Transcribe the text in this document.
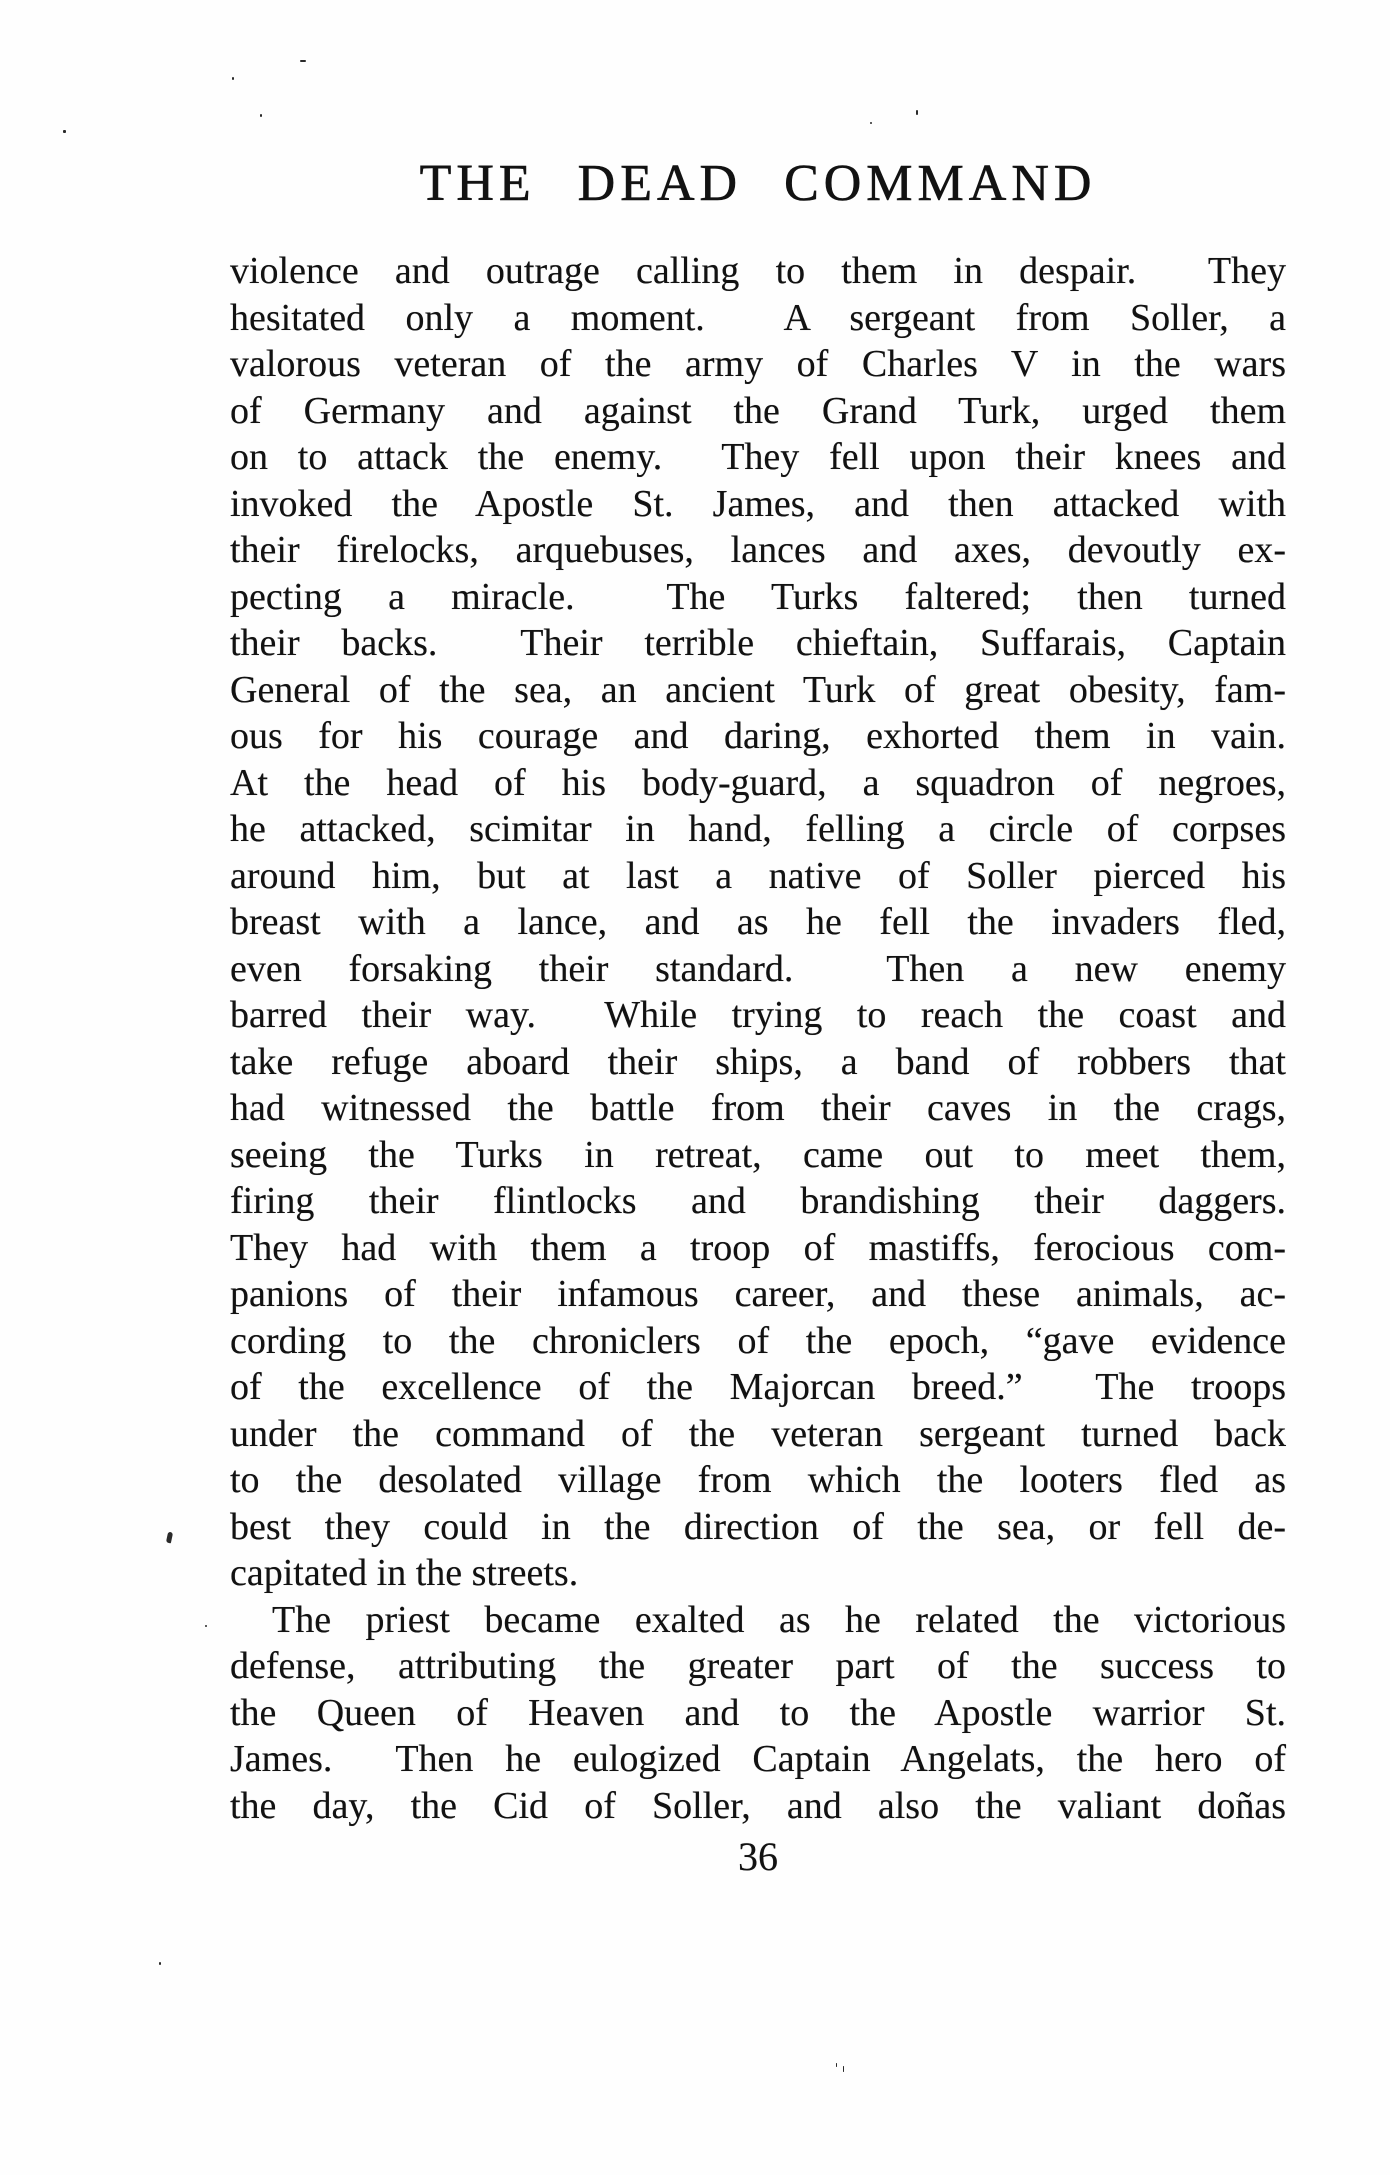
THE DEAD COMMAND
violence and outrage calling to them in despair.  They
hesitated only a moment.  A sergeant from Soller, a
valorous veteran of the army of Charles V in the wars
of Germany and against the Grand Turk, urged them
on to attack the enemy.  They fell upon their knees and
invoked the Apostle St. James, and then attacked with
their firelocks, arquebuses, lances and axes, devoutly ex-
pecting a miracle.  The Turks faltered; then turned
their backs.  Their terrible chieftain, Suffarais, Captain
General of the sea, an ancient Turk of great obesity, fam-
ous for his courage and daring, exhorted them in vain.
At the head of his body-guard, a squadron of negroes,
he attacked, scimitar in hand, felling a circle of corpses
around him, but at last a native of Soller pierced his
breast with a lance, and as he fell the invaders fled,
even forsaking their standard.  Then a new enemy
barred their way.  While trying to reach the coast and
take refuge aboard their ships, a band of robbers that
had witnessed the battle from their caves in the crags,
seeing the Turks in retreat, came out to meet them,
firing their flintlocks and brandishing their daggers.
They had with them a troop of mastiffs, ferocious com-
panions of their infamous career, and these animals, ac-
cording to the chroniclers of the epoch, “gave evidence
of the excellence of the Majorcan breed.”  The troops
under the command of the veteran sergeant turned back
to the desolated village from which the looters fled as
best they could in the direction of the sea, or fell de-
capitated in the streets.
The priest became exalted as he related the victorious
defense, attributing the greater part of the success to
the Queen of Heaven and to the Apostle warrior St.
James.  Then he eulogized Captain Angelats, the hero of
the day, the Cid of Soller, and also the valiant doñas
36
